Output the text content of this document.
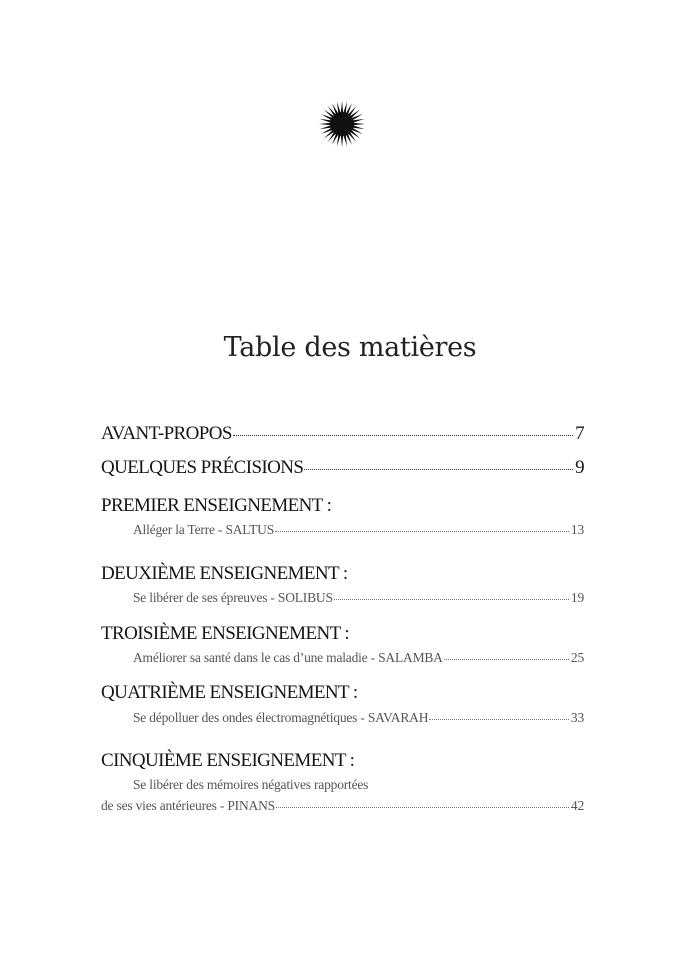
Table des matières
AVANT-PROPOS	7
QUELQUES PRÉCISIONS	9
PREMIER ENSEIGNEMENT :
Alléger la Terre - SALTUS	13
DEUXIÈME ENSEIGNEMENT :
Se libérer de ses épreuves - SOLIBUS	19
TROISIÈME ENSEIGNEMENT :
Améliorer sa santé dans le cas d’une maladie - SALAMBA	25
QUATRIÈME ENSEIGNEMENT :
Se dépolluer des ondes électromagnétiques - SAVARAH	33
CINQUIÈME ENSEIGNEMENT :
Se libérer des mémoires négatives rapportées
de ses vies antérieures - PINANS	42
